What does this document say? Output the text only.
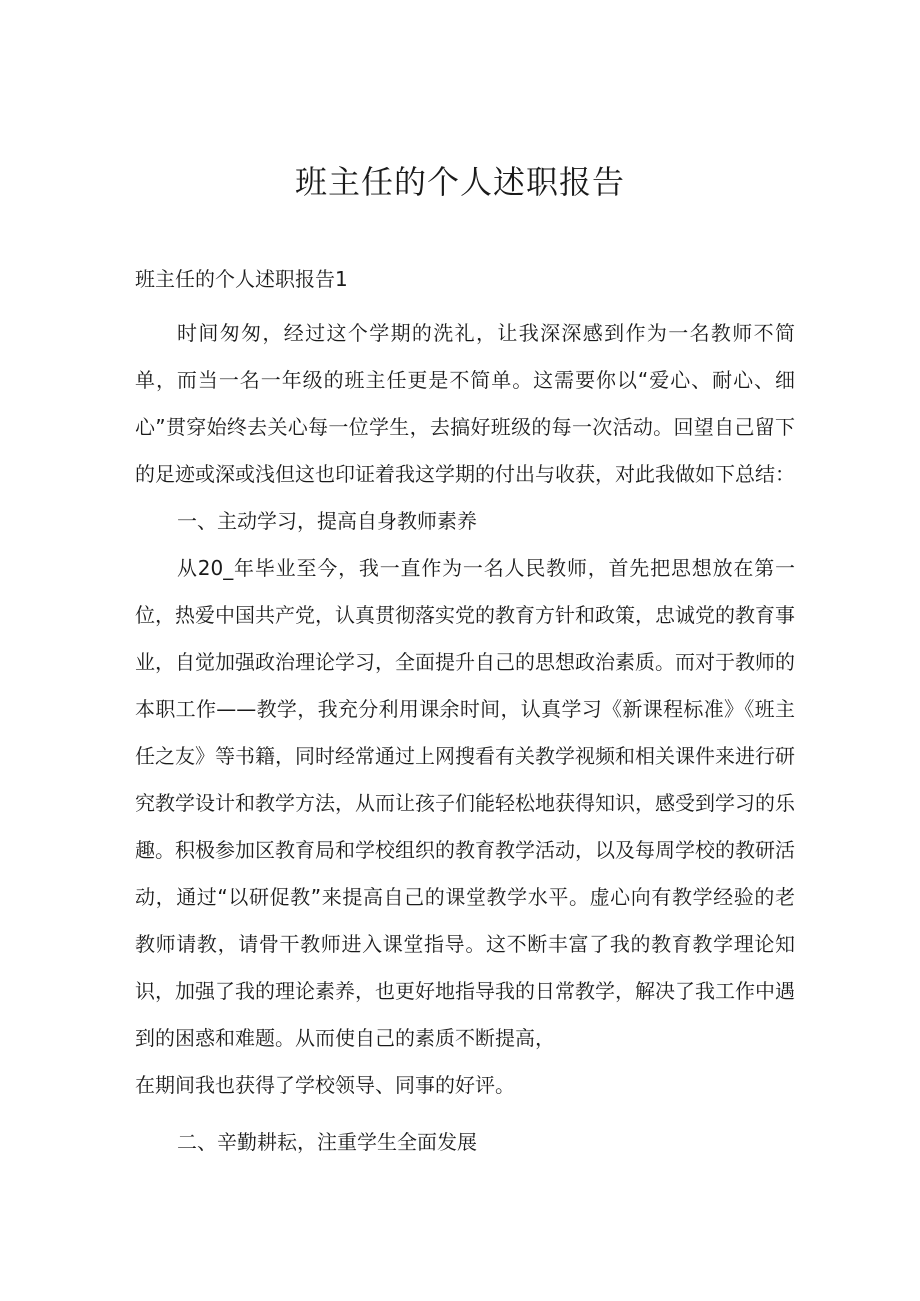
班主任的个人述职报告

班主任的个人述职报告1

时间匆匆，经过这个学期的洗礼，让我深深感到作为一名教师不简单，而当一名一年级的班主任更是不简单。这需要你以“爱心、耐心、细心”贯穿始终去关心每一位学生，去搞好班级的每一次活动。回望自己留下的足迹或深或浅但这也印证着我这学期的付出与收获，对此我做如下总结：

一、主动学习，提高自身教师素养

从20_年毕业至今，我一直作为一名人民教师，首先把思想放在第一位，热爱中国共产党，认真贯彻落实党的教育方针和政策，忠诚党的教育事业，自觉加强政治理论学习，全面提升自己的思想政治素质。而对于教师的本职工作——教学，我充分利用课余时间，认真学习《新课程标准》《班主任之友》等书籍，同时经常通过上网搜看有关教学视频和相关课件来进行研究教学设计和教学方法，从而让孩子们能轻松地获得知识，感受到学习的乐趣。积极参加区教育局和学校组织的教育教学活动，以及每周学校的教研活动，通过“以研促教”来提高自己的课堂教学水平。虚心向有教学经验的老教师请教，请骨干教师进入课堂指导。这不断丰富了我的教育教学理论知识，加强了我的理论素养，也更好地指导我的日常教学，解决了我工作中遇到的困惑和难题。从而使自己的素质不断提高，

在期间我也获得了学校领导、同事的好评。

二、辛勤耕耘，注重学生全面发展
